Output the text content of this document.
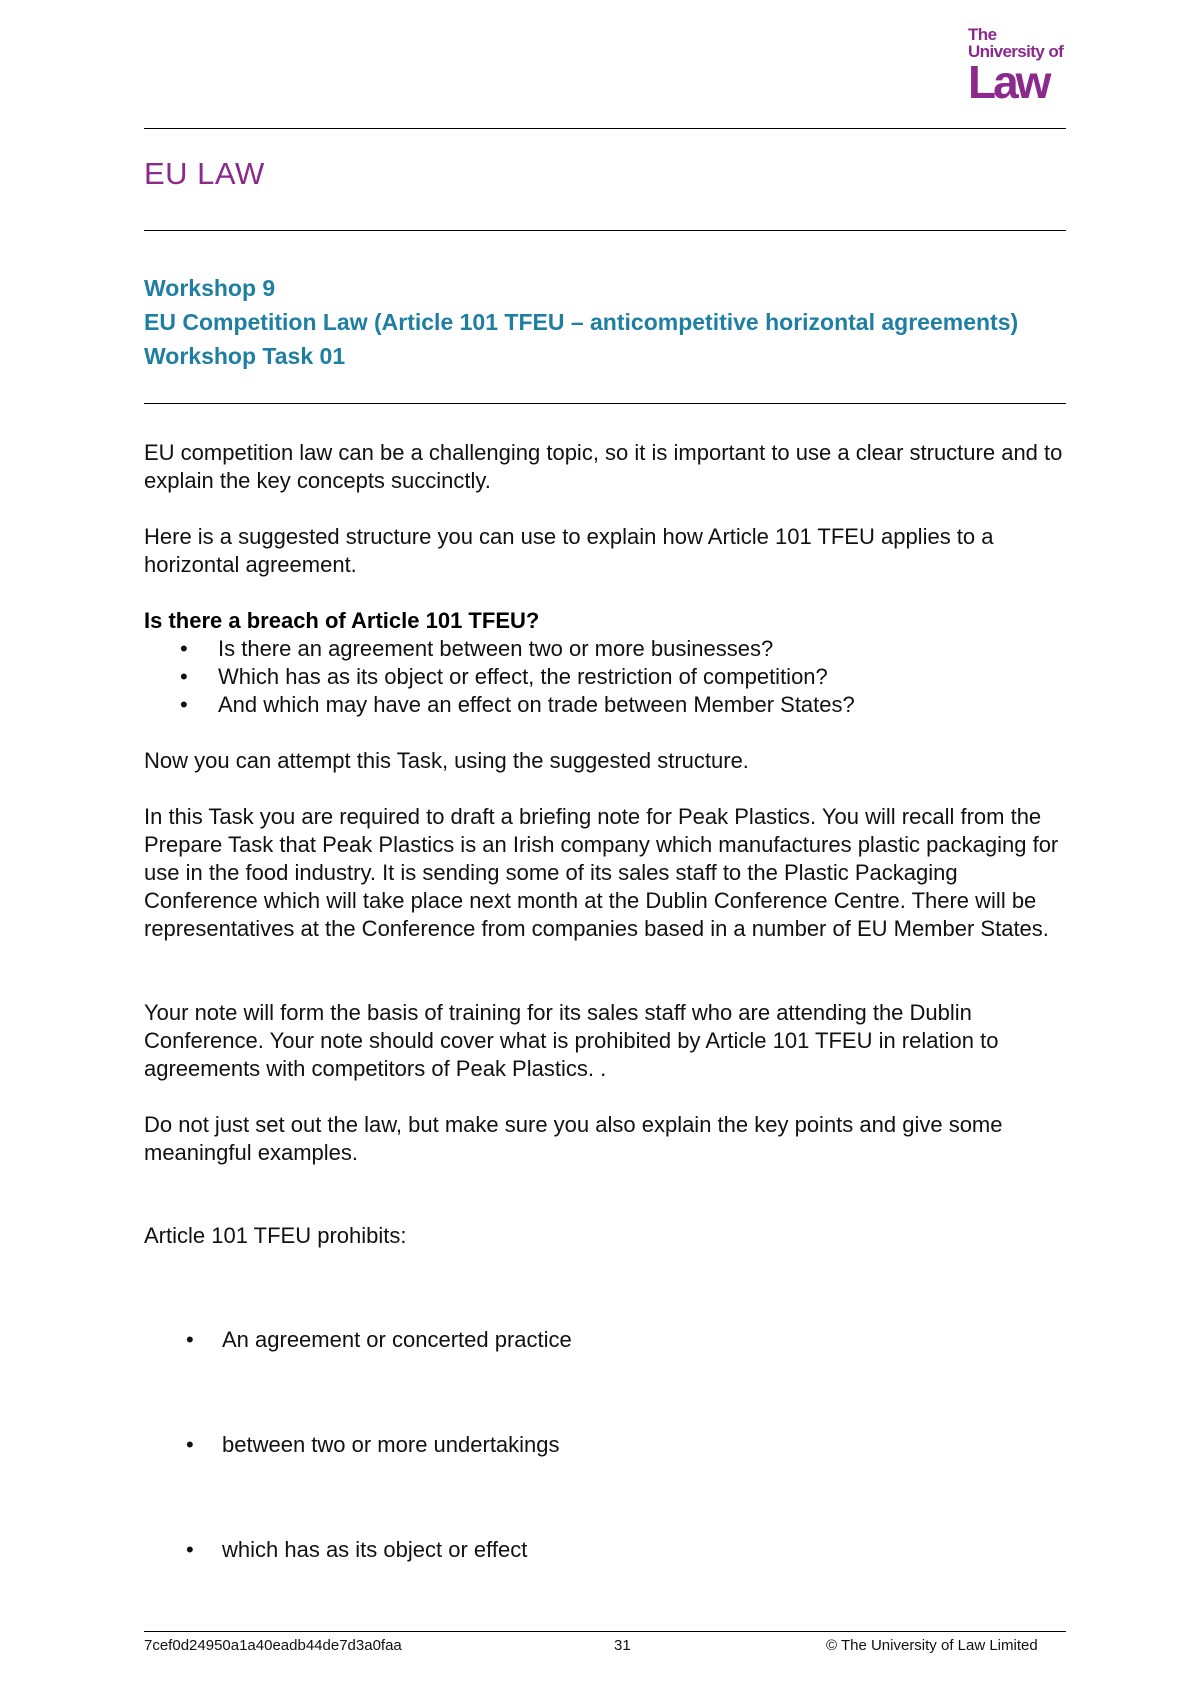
The
University of
Law
EU LAW
Workshop 9
EU Competition Law (Article 101 TFEU – anticompetitive horizontal agreements)
Workshop Task 01

EU competition law can be a challenging topic, so it is important to use a clear structure and to explain the key concepts succinctly.

Here is a suggested structure you can use to explain how Article 101 TFEU applies to a horizontal agreement.

Is there a breach of Article 101 TFEU?
• Is there an agreement between two or more businesses?
• Which has as its object or effect, the restriction of competition?
• And which may have an effect on trade between Member States?

Now you can attempt this Task, using the suggested structure.

In this Task you are required to draft a briefing note for Peak Plastics. You will recall from the Prepare Task that Peak Plastics is an Irish company which manufactures plastic packaging for use in the food industry. It is sending some of its sales staff to the Plastic Packaging Conference which will take place next month at the Dublin Conference Centre. There will be representatives at the Conference from companies based in a number of EU Member States.

Your note will form the basis of training for its sales staff who are attending the Dublin Conference. Your note should cover what is prohibited by Article 101 TFEU in relation to agreements with competitors of Peak Plastics. .

Do not just set out the law, but make sure you also explain the key points and give some meaningful examples.

Article 101 TFEU prohibits:

• An agreement or concerted practice
• between two or more undertakings
• which has as its object or effect
7cef0d24950a1a40eadb44de7d3a0faa	31	© The University of Law Limited
